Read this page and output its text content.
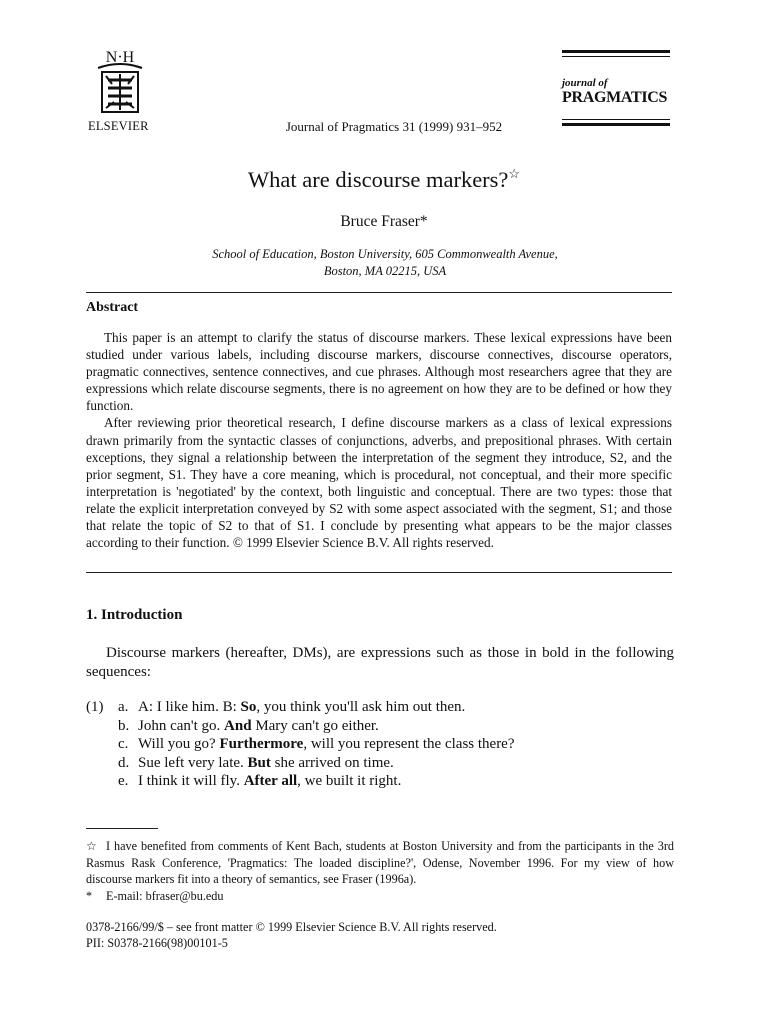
N·H
ELSEVIER	Journal of Pragmatics 31 (1999) 931–952
journal of
PRAGMATICS
What are discourse markers?☆
Bruce Fraser*
School of Education, Boston University, 605 Commonwealth Avenue,
Boston, MA 02215, USA
Abstract

This paper is an attempt to clarify the status of discourse markers. These lexical expressions have been studied under various labels, including discourse markers, discourse connectives, discourse operators, pragmatic connectives, sentence connectives, and cue phrases. Although most researchers agree that they are expressions which relate discourse segments, there is no agreement on how they are to be defined or how they function.

After reviewing prior theoretical research, I define discourse markers as a class of lexical expressions drawn primarily from the syntactic classes of conjunctions, adverbs, and prepositional phrases. With certain exceptions, they signal a relationship between the interpretation of the segment they introduce, S2, and the prior segment, S1. They have a core meaning, which is procedural, not conceptual, and their more specific interpretation is 'negotiated' by the context, both linguistic and conceptual. There are two types: those that relate the explicit interpretation conveyed by S2 with some aspect associated with the segment, S1; and those that relate the topic of S2 to that of S1. I conclude by presenting what appears to be the major classes according to their function. © 1999 Elsevier Science B.V. All rights reserved.

1. Introduction
Discourse markers (hereafter, DMs), are expressions such as those in bold in the following sequences:
(1) a. A: I like him. B: So, you think you'll ask him out then.
b. John can't go. And Mary can't go either.
c. Will you go? Furthermore, will you represent the class there?
d. Sue left very late. But she arrived on time.
e. I think it will fly. After all, we built it right.

☆ I have benefited from comments of Kent Bach, students at Boston University and from the participants in the 3rd Rasmus Rask Conference, 'Pragmatics: The loaded discipline?', Odense, November 1996. For my view of how discourse markers fit into a theory of semantics, see Fraser (1996a).

* E-mail: bfraser@bu.edu

0378-2166/99/$ – see front matter © 1999 Elsevier Science B.V. All rights reserved.
PII: S0378-2166(98)00101-5
